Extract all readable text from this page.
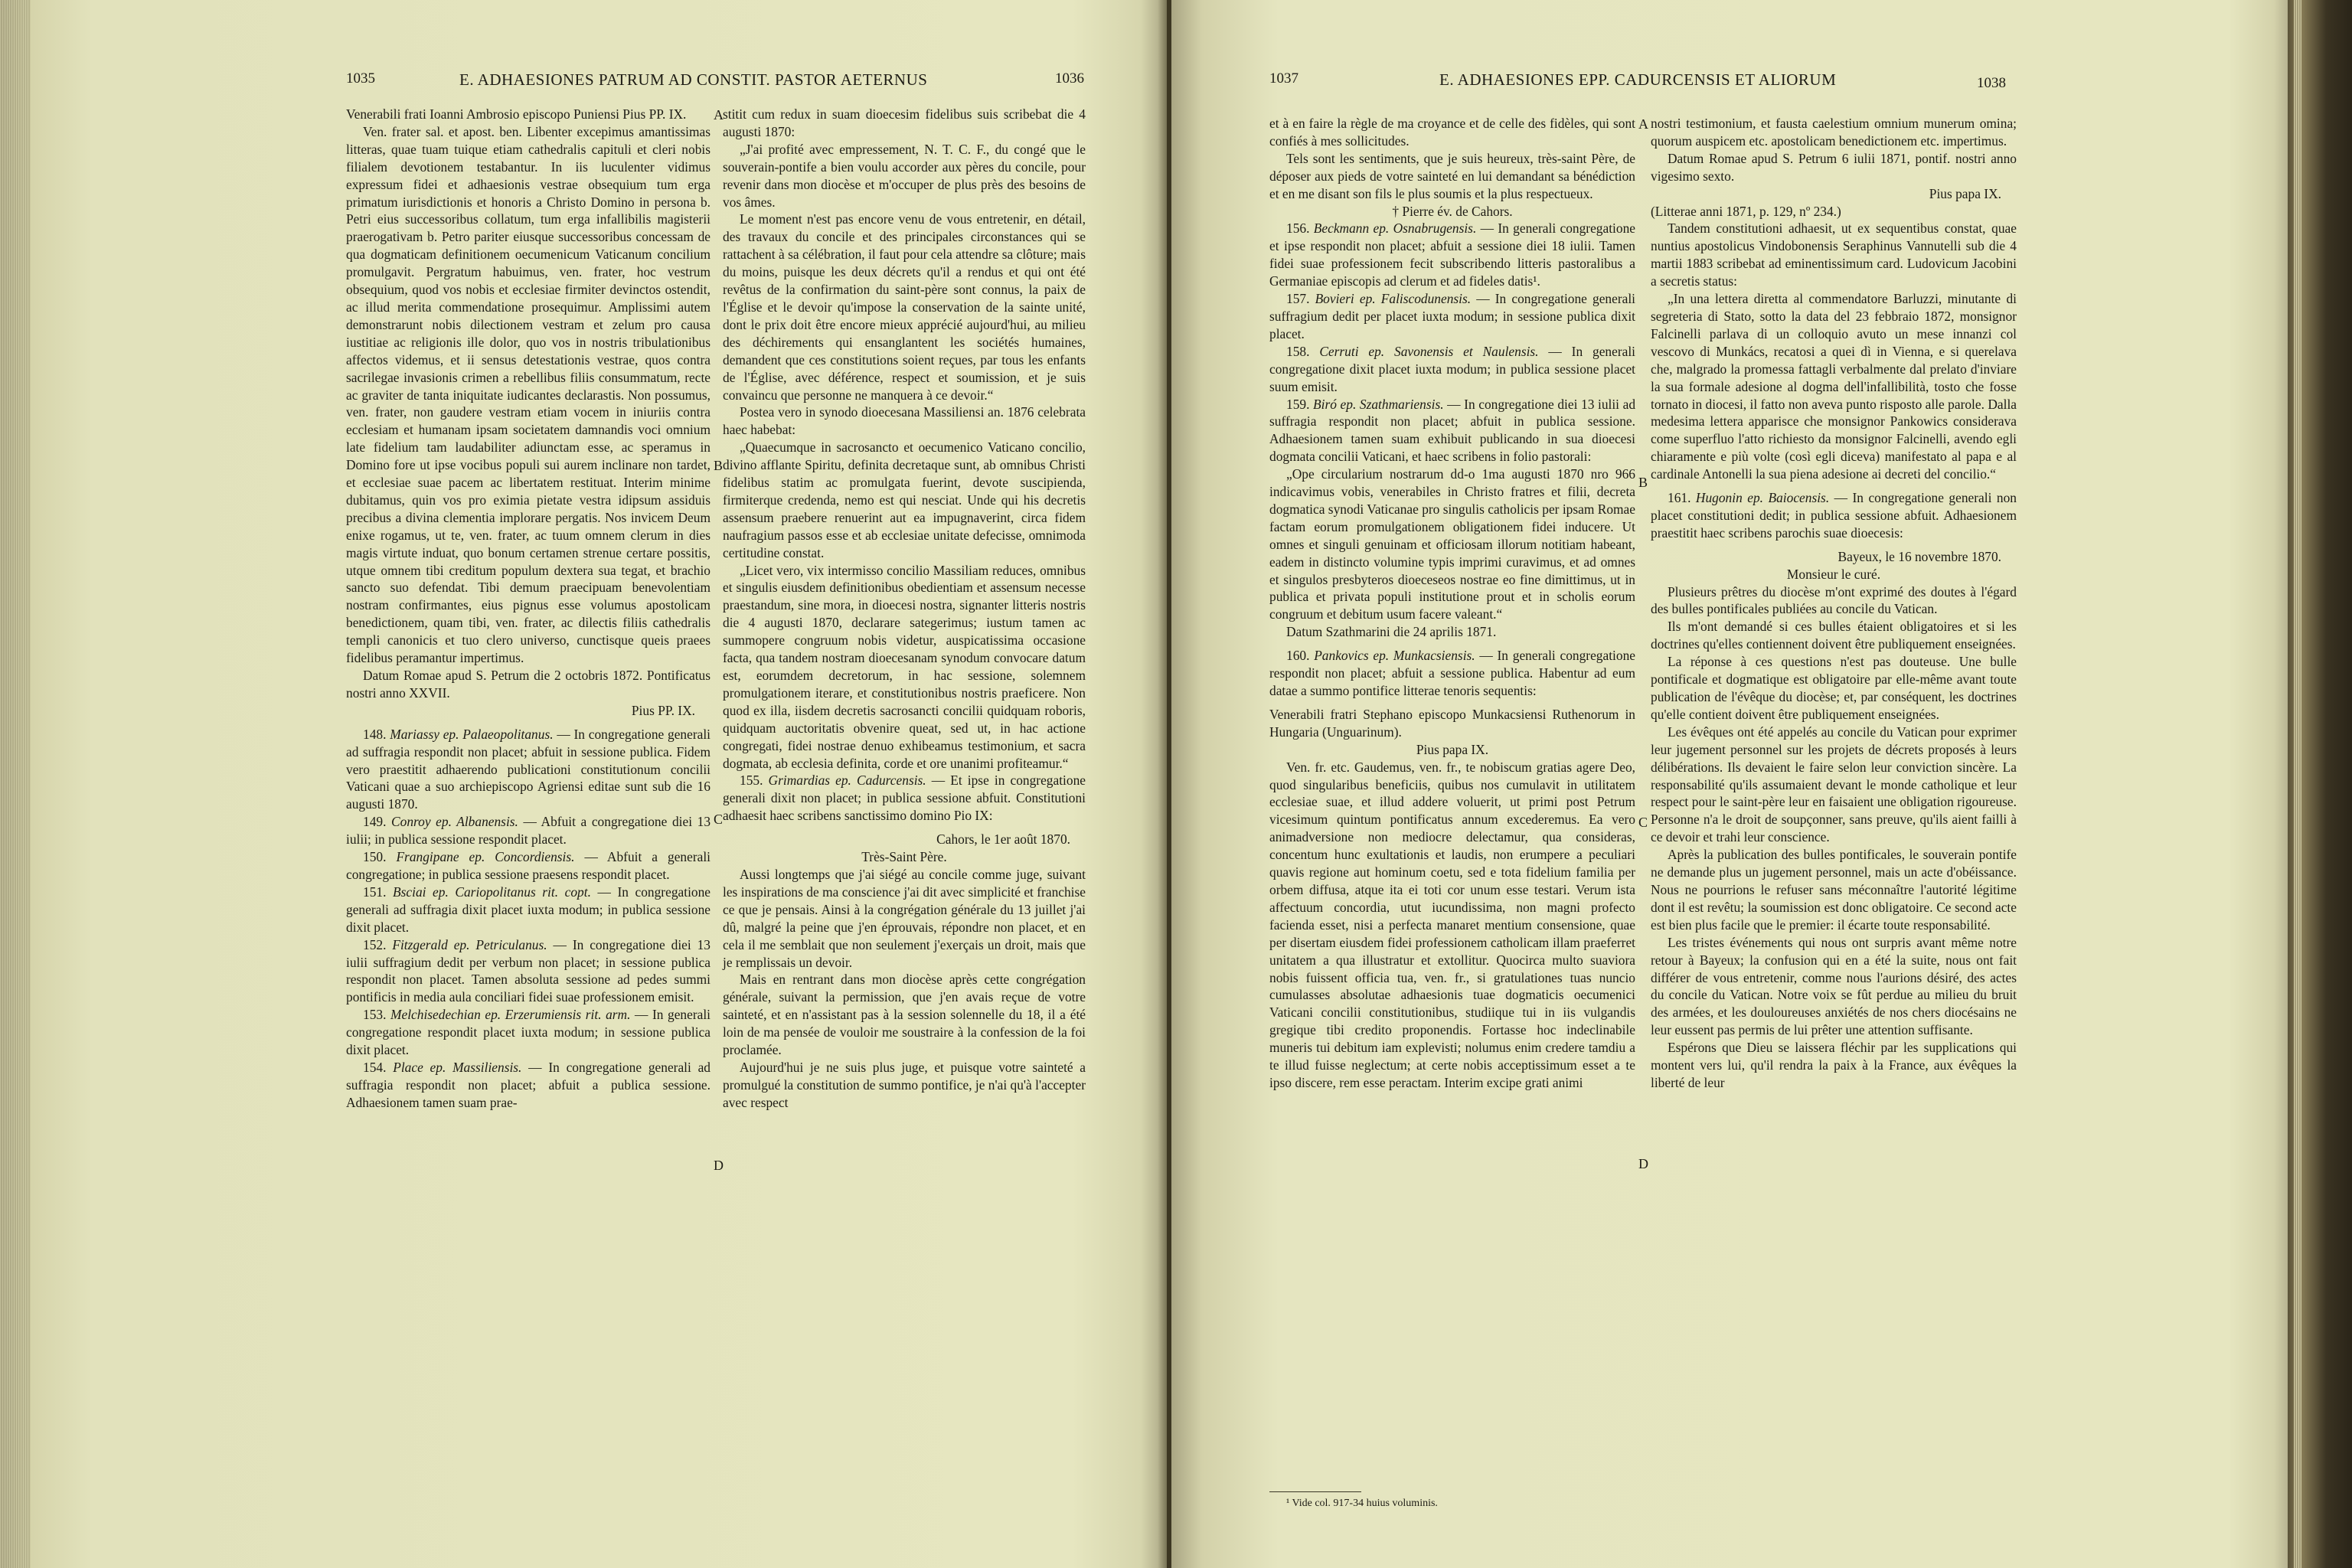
1035	E. ADHAESIONES PATRUM AD CONSTIT. PASTOR AETERNUS	1036

Venerabili frati Ioanni Ambrosio episcopo Puniensi Pius PP. IX.

Ven. frater sal. et apost. ben. Libenter excepimus amantissimas litteras, quae tuam tuique etiam cathedralis capituli et cleri nobis filialem devotionem testabantur. In iis luculenter vidimus expressum fidei et adhaesionis vestrae obsequium tum erga primatum iurisdictionis et honoris a Christo Domino in persona b. Petri eius successoribus collatum, tum erga infallibilis magisterii praerogativam b. Petro pariter eiusque successoribus concessam de qua dogmaticam definitionem oecumenicum Vaticanum concilium promulgavit. Pergratum habuimus, ven. frater, hoc vestrum obsequium, quod vos nobis et ecclesiae firmiter devinctos ostendit, ac illud merita commendatione prosequimur. Amplissimi autem demonstrarunt nobis dilectionem vestram et zelum pro causa iustitiae ac religionis ille dolor, quo vos in nostris tribulationibus affectos videmus, et ii sensus detestationis vestrae, quos contra sacrilegae invasionis crimen a rebellibus filiis consummatum, recte ac graviter de tanta iniquitate iudicantes declarastis. Non possumus, ven. frater, non gaudere vestram etiam vocem in iniuriis contra ecclesiam et humanam ipsam societatem damnandis voci omnium late fidelium tam laudabiliter adiunctam esse, ac speramus in Domino fore ut ipse vocibus populi sui aurem inclinare non tardet, et ecclesiae suae pacem ac libertatem restituat. Interim minime dubitamus, quin vos pro eximia pietate vestra idipsum assiduis precibus a divina clementia implorare pergatis. Nos invicem Deum enixe rogamus, ut te, ven. frater, ac tuum omnem clerum in dies magis virtute induat, quo bonum certamen strenue certare possitis, utque omnem tibi creditum populum dextera sua tegat, et brachio sancto suo defendat. Tibi demum praecipuam benevolentiam nostram confirmantes, eius pignus esse volumus apostolicam benedictionem, quam tibi, ven. frater, ac dilectis filiis cathedralis templi canonicis et tuo clero universo, cunctisque queis praees fidelibus peramantur impertimus.

Datum Romae apud S. Petrum die 2 octobris 1872. Pontificatus nostri anno XXVII.

Pius PP. IX.

148. Mariassy ep. Palaeopolitanus. — In congregatione generali ad suffragia respondit non placet; abfuit in sessione publica. Fidem vero praestitit adhaerendo publicationi constitutionum concilii Vaticani quae a suo archiepiscopo Agriensi editae sunt sub die 16 augusti 1870.

149. Conroy ep. Albanensis. — Abfuit a congregatione diei 13 iulii; in publica sessione respondit placet.

150. Frangipane ep. Concordiensis. — Abfuit a generali congregatione; in publica sessione praesens respondit placet.

151. Bsciai ep. Cariopolitanus rit. copt. — In congregatione generali ad suffragia dixit placet iuxta modum; in publica sessione dixit placet.

152. Fitzgerald ep. Petriculanus. — In congregatione diei 13 iulii suffragium dedit per verbum non placet; in sessione publica respondit non placet. Tamen absoluta sessione ad pedes summi pontificis in media aula conciliari fidei suae professionem emisit.

153. Melchisedechian ep. Erzerumiensis rit. arm. — In generali congregatione respondit placet iuxta modum; in sessione publica dixit placet.

154. Place ep. Massiliensis. — In congregatione generali ad suffragia respondit non placet; abfuit a publica sessione. Adhaesionem tamen suam prae-

stitit cum redux in suam dioecesim fidelibus suis scribebat die 4 augusti 1870:

„J'ai profité avec empressement, N. T. C. F., du congé que le souverain-pontife a bien voulu accorder aux pères du concile, pour revenir dans mon diocèse et m'occuper de plus près des besoins de vos âmes.

Le moment n'est pas encore venu de vous entretenir, en détail, des travaux du concile et des principales circonstances qui se rattachent à sa célébration, il faut pour cela attendre sa clôture; mais du moins, puisque les deux décrets qu'il a rendus et qui ont été revêtus de la confirmation du saint-père sont connus, la paix de l'Église et le devoir qu'impose la conservation de la sainte unité, dont le prix doit être encore mieux apprécié aujourd'hui, au milieu des déchirements qui ensanglantent les sociétés humaines, demandent que ces constitutions soient reçues, par tous les enfants de l'Église, avec déférence, respect et soumission, et je suis convaincu que personne ne manquera à ce devoir.“

Postea vero in synodo dioecesana Massiliensi an. 1876 celebrata haec habebat:

„Quaecumque in sacrosancto et oecumenico Vaticano concilio, divino afflante Spiritu, definita decretaque sunt, ab omnibus Christi fidelibus statim ac promulgata fuerint, devote suscipienda, firmiterque credenda, nemo est qui nesciat. Unde qui his decretis assensum praebere renuerint aut ea impugnaverint, circa fidem naufragium passos esse et ab ecclesiae unitate defecisse, omnimoda certitudine constat.

„Licet vero, vix intermisso concilio Massiliam reduces, omnibus et singulis eiusdem definitionibus obedientiam et assensum necesse praestandum, sine mora, in dioecesi nostra, signanter litteris nostris die 4 augusti 1870, declarare sategerimus; iustum tamen ac summopere congruum nobis videtur, auspicatissima occasione facta, qua tandem nostram dioecesanam synodum convocare datum est, eorumdem decretorum, in hac sessione, solemnem promulgationem iterare, et constitutionibus nostris praeficere. Non quod ex illa, iisdem decretis sacrosancti concilii quidquam roboris, quidquam auctoritatis obvenire queat, sed ut, in hac actione congregati, fidei nostrae denuo exhibeamus testimonium, et sacra dogmata, ab ecclesia definita, corde et ore unanimi profiteamur.“

155. Grimardias ep. Cadurcensis. — Et ipse in congregatione generali dixit non placet; in publica sessione abfuit. Constitutioni adhaesit haec scribens sanctissimo domino Pio IX:

Cahors, le 1er août 1870.

Très-Saint Père.

Aussi longtemps que j'ai siégé au concile comme juge, suivant les inspirations de ma conscience j'ai dit avec simplicité et franchise ce que je pensais. Ainsi à la congrégation générale du 13 juillet j'ai dû, malgré la peine que j'en éprouvais, répondre non placet, et en cela il me semblait que non seulement j'exerçais un droit, mais que je remplissais un devoir.

Mais en rentrant dans mon diocèse après cette congrégation générale, suivant la permission, que j'en avais reçue de votre sainteté, et en n'assistant pas à la session solennelle du 18, il a été loin de ma pensée de vouloir me soustraire à la confession de la foi proclamée.

Aujourd'hui je ne suis plus juge, et puisque votre sainteté a promulgué la constitution de summo pontifice, je n'ai qu'à l'accepter avec respect

A
B
C
D
1037	E. ADHAESIONES EPP. CADURCENSIS ET ALIORUM	1038

et à en faire la règle de ma croyance et de celle des fidèles, qui sont confiés à mes sollicitudes.

Tels sont les sentiments, que je suis heureux, très-saint Père, de déposer aux pieds de votre sainteté en lui demandant sa bénédiction et en me disant son fils le plus soumis et la plus respectueux.

† Pierre év. de Cahors.

156. Beckmann ep. Osnabrugensis. — In generali congregatione et ipse respondit non placet; abfuit a sessione diei 18 iulii. Tamen fidei suae professionem fecit subscribendo litteris pastoralibus a Germaniae episcopis ad clerum et ad fideles datis¹.

157. Bovieri ep. Faliscodunensis. — In congregatione generali suffragium dedit per placet iuxta modum; in sessione publica dixit placet.

158. Cerruti ep. Savonensis et Naulensis. — In generali congregatione dixit placet iuxta modum; in publica sessione placet suum emisit.

159. Biró ep. Szathmariensis. — In congregatione diei 13 iulii ad suffragia respondit non placet; abfuit in publica sessione. Adhaesionem tamen suam exhibuit publicando in sua dioecesi dogmata concilii Vaticani, et haec scribens in folio pastorali:

„Ope circularium nostrarum dd-o 1ma augusti 1870 nro 966 indicavimus vobis, venerabiles in Christo fratres et filii, decreta dogmatica synodi Vaticanae pro singulis catholicis per ipsam Romae factam eorum promulgationem obligationem fidei inducere. Ut omnes et singuli genuinam et officiosam illorum notitiam habeant, eadem in distincto volumine typis imprimi curavimus, et ad omnes et singulos presbyteros dioeceseos nostrae eo fine dimittimus, ut in publica et privata populi institutione prout et in scholis eorum congruum et debitum usum facere valeant.“

Datum Szathmarini die 24 aprilis 1871.

160. Pankovics ep. Munkacsiensis. — In generali congregatione respondit non placet; abfuit a sessione publica. Habentur ad eum datae a summo pontifice litterae tenoris sequentis:

Venerabili fratri Stephano episcopo Munkacsiensi Ruthenorum in Hungaria (Unguarinum).

Pius papa IX.

Ven. fr. etc. Gaudemus, ven. fr., te nobiscum gratias agere Deo, quod singularibus beneficiis, quibus nos cumulavit in utilitatem ecclesiae suae, et illud addere voluerit, ut primi post Petrum vicesimum quintum pontificatus annum excederemus. Ea vero animadversione non mediocre delectamur, qua consideras, concentum hunc exultationis et laudis, non erumpere a peculiari quavis regione aut hominum coetu, sed e tota fidelium familia per orbem diffusa, atque ita ei toti cor unum esse testari. Verum ista affectuum concordia, utut iucundissima, non magni profecto facienda esset, nisi a perfecta manaret mentium consensione, quae per disertam eiusdem fidei professionem catholicam illam praeferret unitatem a qua illustratur et extollitur. Quocirca multo suaviora nobis fuissent officia tua, ven. fr., si gratulationes tuas nuncio cumulasses absolutae adhaesionis tuae dogmaticis oecumenici Vaticani concilii constitutionibus, studiique tui in iis vulgandis gregique tibi credito proponendis. Fortasse hoc indeclinabile muneris tui debitum iam explevisti; nolumus enim credere tamdiu a te illud fuisse neglectum; at certe nobis acceptissimum esset a te ipso discere, rem esse peractam. Interim excipe grati animi

nostri testimonium, et fausta caelestium omnium munerum omina; quorum auspicem etc. apostolicam benedictionem etc. impertimus.

Datum Romae apud S. Petrum 6 iulii 1871, pontif. nostri anno vigesimo sexto.

Pius papa IX.

(Litterae anni 1871, p. 129, nº 234.)

Tandem constitutioni adhaesit, ut ex sequentibus constat, quae nuntius apostolicus Vindobonensis Seraphinus Vannutelli sub die 4 martii 1883 scribebat ad eminentissimum card. Ludovicum Jacobini a secretis status:

„In una lettera diretta al commendatore Barluzzi, minutante di segreteria di Stato, sotto la data del 23 febbraio 1872, monsignor Falcinelli parlava di un colloquio avuto un mese innanzi col vescovo di Munkács, recatosi a quei dì in Vienna, e si querelava che, malgrado la promessa fattagli verbalmente dal prelato d'inviare la sua formale adesione al dogma dell'infallibilità, tosto che fosse tornato in diocesi, il fatto non aveva punto risposto alle parole. Dalla medesima lettera apparisce che monsignor Pankowics considerava come superfluo l'atto richiesto da monsignor Falcinelli, avendo egli chiaramente e più volte (così egli diceva) manifestato al papa e al cardinale Antonelli la sua piena adesione ai decreti del concilio.“

161. Hugonin ep. Baiocensis. — In congregatione generali non placet constitutioni dedit; in publica sessione abfuit. Adhaesionem praestitit haec scribens parochis suae dioecesis:

Bayeux, le 16 novembre 1870.

Monsieur le curé.

Plusieurs prêtres du diocèse m'ont exprimé des doutes à l'égard des bulles pontificales publiées au concile du Vatican.

Ils m'ont demandé si ces bulles étaient obligatoires et si les doctrines qu'elles contiennent doivent être publiquement enseignées.

La réponse à ces questions n'est pas douteuse. Une bulle pontificale et dogmatique est obligatoire par elle-même avant toute publication de l'évêque du diocèse; et, par conséquent, les doctrines qu'elle contient doivent être publiquement enseignées.

Les évêques ont été appelés au concile du Vatican pour exprimer leur jugement personnel sur les projets de décrets proposés à leurs délibérations. Ils devaient le faire selon leur conviction sincère. La responsabilité qu'ils assumaient devant le monde catholique et leur respect pour le saint-père leur en faisaient une obligation rigoureuse. Personne n'a le droit de soupçonner, sans preuve, qu'ils aient failli à ce devoir et trahi leur conscience.

Après la publication des bulles pontificales, le souverain pontife ne demande plus un jugement personnel, mais un acte d'obéissance. Nous ne pourrions le refuser sans méconnaître l'autorité légitime dont il est revêtu; la soumission est donc obligatoire. Ce second acte est bien plus facile que le premier: il écarte toute responsabilité.

Les tristes événements qui nous ont surpris avant même notre retour à Bayeux; la confusion qui en a été la suite, nous ont fait différer de vous entretenir, comme nous l'aurions désiré, des actes du concile du Vatican. Notre voix se fût perdue au milieu du bruit des armées, et les douloureuses anxiétés de nos chers diocésains ne leur eussent pas permis de lui prêter une attention suffisante.

Espérons que Dieu se laissera fléchir par les supplications qui montent vers lui, qu'il rendra la paix à la France, aux évêques la liberté de leur

A
B
C
D
¹ Vide col. 917-34 huius voluminis.
